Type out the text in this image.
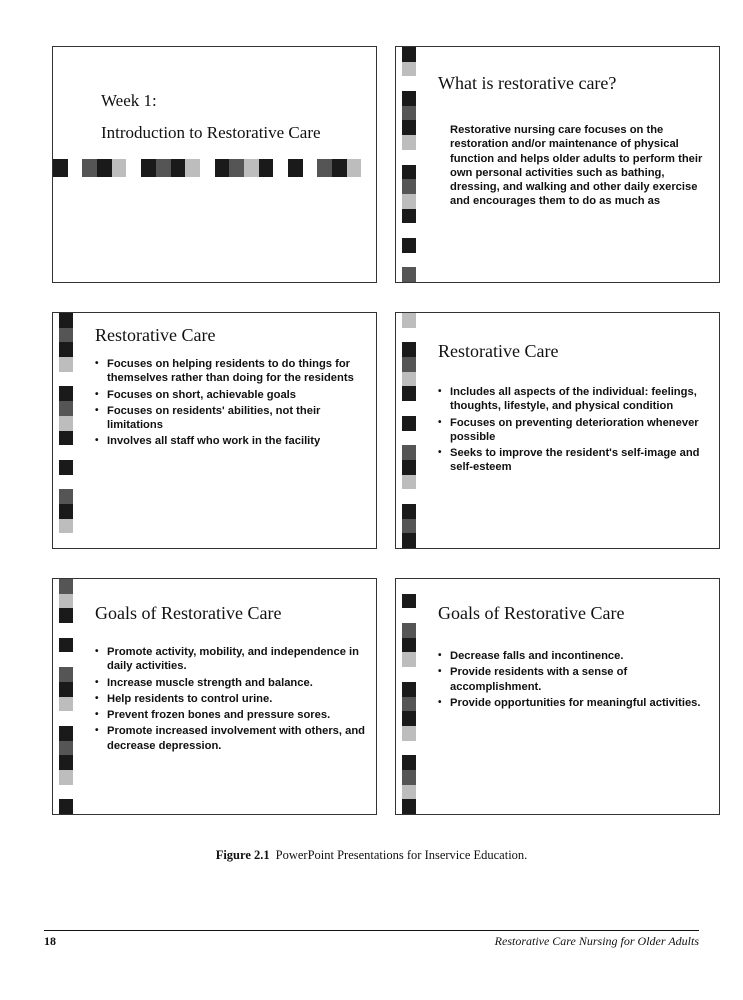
Week 1:
Introduction to Restorative Care
What is restorative care?
Restorative nursing care focuses on the restoration and/or maintenance of physical function and helps older adults to perform their own personal activities such as bathing, dressing, and walking and other daily exercise and encourages them to do as much as
Restorative Care
• Focuses on helping residents to do things for themselves rather than doing for the residents
• Focuses on short, achievable goals
• Focuses on residents' abilities, not their limitations
• Involves all staff who work in the facility
Restorative Care
• Includes all aspects of the individual: feelings, thoughts, lifestyle, and physical condition
• Focuses on preventing deterioration whenever possible
• Seeks to improve the resident's self-image and self-esteem
Goals of Restorative Care
• Promote activity, mobility, and independence in daily activities.
• Increase muscle strength and balance.
• Help residents to control urine.
• Prevent frozen bones and pressure sores.
• Promote increased involvement with others, and decrease depression.
Goals of Restorative Care
• Decrease falls and incontinence.
• Provide residents with a sense of accomplishment.
• Provide opportunities for meaningful activities.
Figure 2.1 PowerPoint Presentations for Inservice Education.
18	Restorative Care Nursing for Older Adults
